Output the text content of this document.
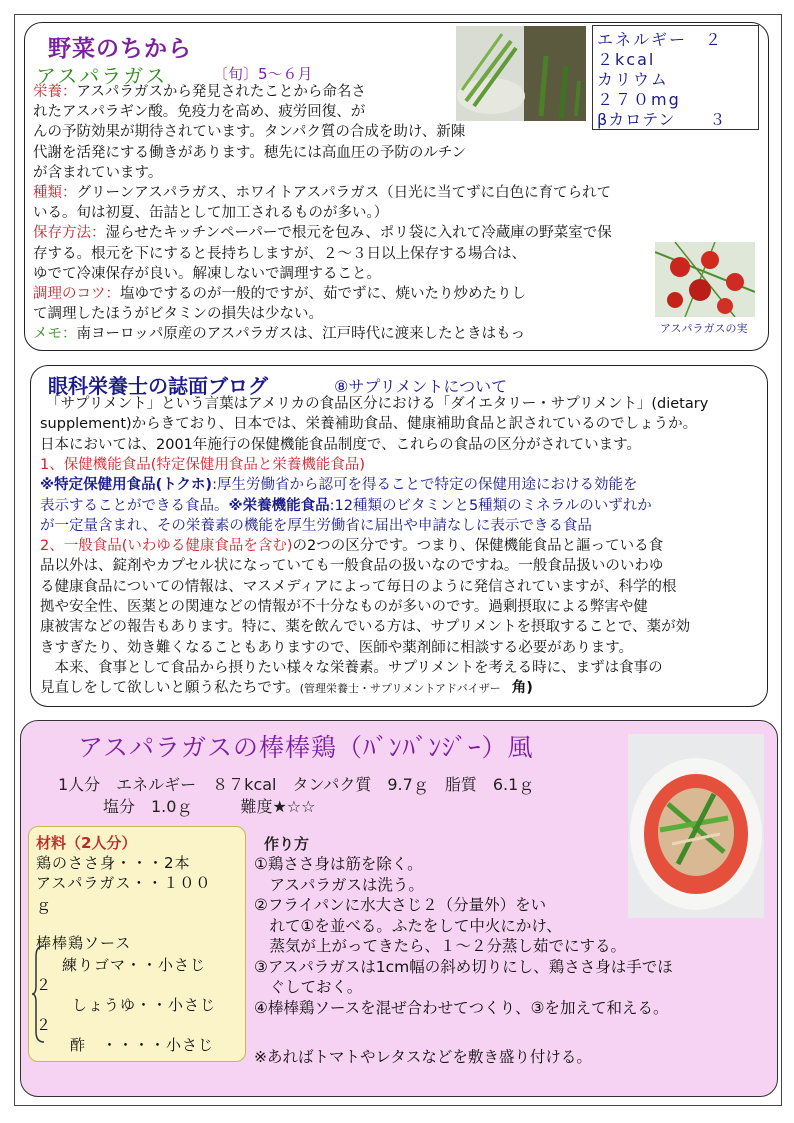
野菜のちから
アスパラガス	〔旬〕5～６月
エネルギー　２
２kcal
カリウム
２７０mg
βカロテン　　３
アスパラガスの実
栄養：アスパラガスから発見されたことから命名さ
れたアスパラギン酸。免疫力を高め、疲労回復、が
んの予防効果が期待されています。タンパク質の合成を助け、新陳
代謝を活発にする働きがあります。穂先には高血圧の予防のルチン
が含まれています。
種類：グリーンアスパラガス、ホワイトアスパラガス（日光に当てずに白色に育てられて
いる。旬は初夏、缶詰として加工されるものが多い。）
保存方法：湿らせたキッチンペーパーで根元を包み、ポリ袋に入れて冷蔵庫の野菜室で保
存する。根元を下にすると長持ちしますが、２～３日以上保存する場合は、
ゆでて冷凍保存が良い。解凍しないで調理すること。
調理のコツ：塩ゆでするのが一般的ですが、茹でずに、焼いたり炒めたりし
て調理したほうがビタミンの損失は少ない。
メモ：南ヨーロッパ原産のアスパラガスは、江戸時代に渡来したときはもっ
眼科栄養士の誌面ブログ	⑧サプリメントについて
「サプリメント」という言葉はアメリカの食品区分における「ダイエタリー・サプリメント」(dietary
supplement)からきており、日本では、栄養補助食品、健康補助食品と訳されているのでしょうか。
日本においては、2001年施行の保健機能食品制度で、これらの食品の区分がされています。
1、保健機能食品(特定保健用食品と栄養機能食品)
※特定保健用食品(トクホ):厚生労働省から認可を得ることで特定の保健用途における効能を
表示することができる食品。※栄養機能食品:12種類のビタミンと5種類のミネラルのいずれか
が一定量含まれ、その栄養素の機能を厚生労働省に届出や申請なしに表示できる食品
2、一般食品(いわゆる健康食品を含む)の2つの区分です。つまり、保健機能食品と謳っている食
品以外は、錠剤やカプセル状になっていても一般食品の扱いなのですね。一般食品扱いのいわゆ
る健康食品についての情報は、マスメディアによって毎日のように発信されていますが、科学的根
拠や安全性、医薬との関連などの情報が不十分なものが多いのです。過剰摂取による弊害や健
康被害などの報告もあります。特に、薬を飲んでいる方は、サプリメントを摂取することで、薬が効
きすぎたり、効き難くなることもありますので、医師や薬剤師に相談する必要があります。
　本来、食事として食品から摂りたい様々な栄養素。サプリメントを考える時に、まずは食事の
見直しをして欲しいと願う私たちです。(管理栄養士・サプリメントアドバイザー　角)
アスパラガスの棒棒鶏（ﾊﾞﾝﾊﾞﾝｼﾞｰ）風
1人分　エネルギー　８７kcal　タンパク質　9.7ｇ　脂質　6.1ｇ
塩分　1.0ｇ　　　難度★☆☆
材料（2人分）
鶏のささ身・・・2本
アスパラガス・・１００
ｇ
棒棒鶏ソース
練りゴマ・・小さじ
２
しょうゆ・・小さじ
２
酢　・・・・小さじ
作り方
①鶏ささ身は筋を除く。
　アスパラガスは洗う。
②フライパンに水大さじ２（分量外）をい
　れて①を並べる。ふたをして中火にかけ、
　蒸気が上がってきたら、１～２分蒸し茹でにする。
③アスパラガスは1cm幅の斜め切りにし、鶏ささ身は手でほ
　ぐしておく。
④棒棒鶏ソースを混ぜ合わせてつくり、③を加えて和える。
※あればトマトやレタスなどを敷き盛り付ける。
